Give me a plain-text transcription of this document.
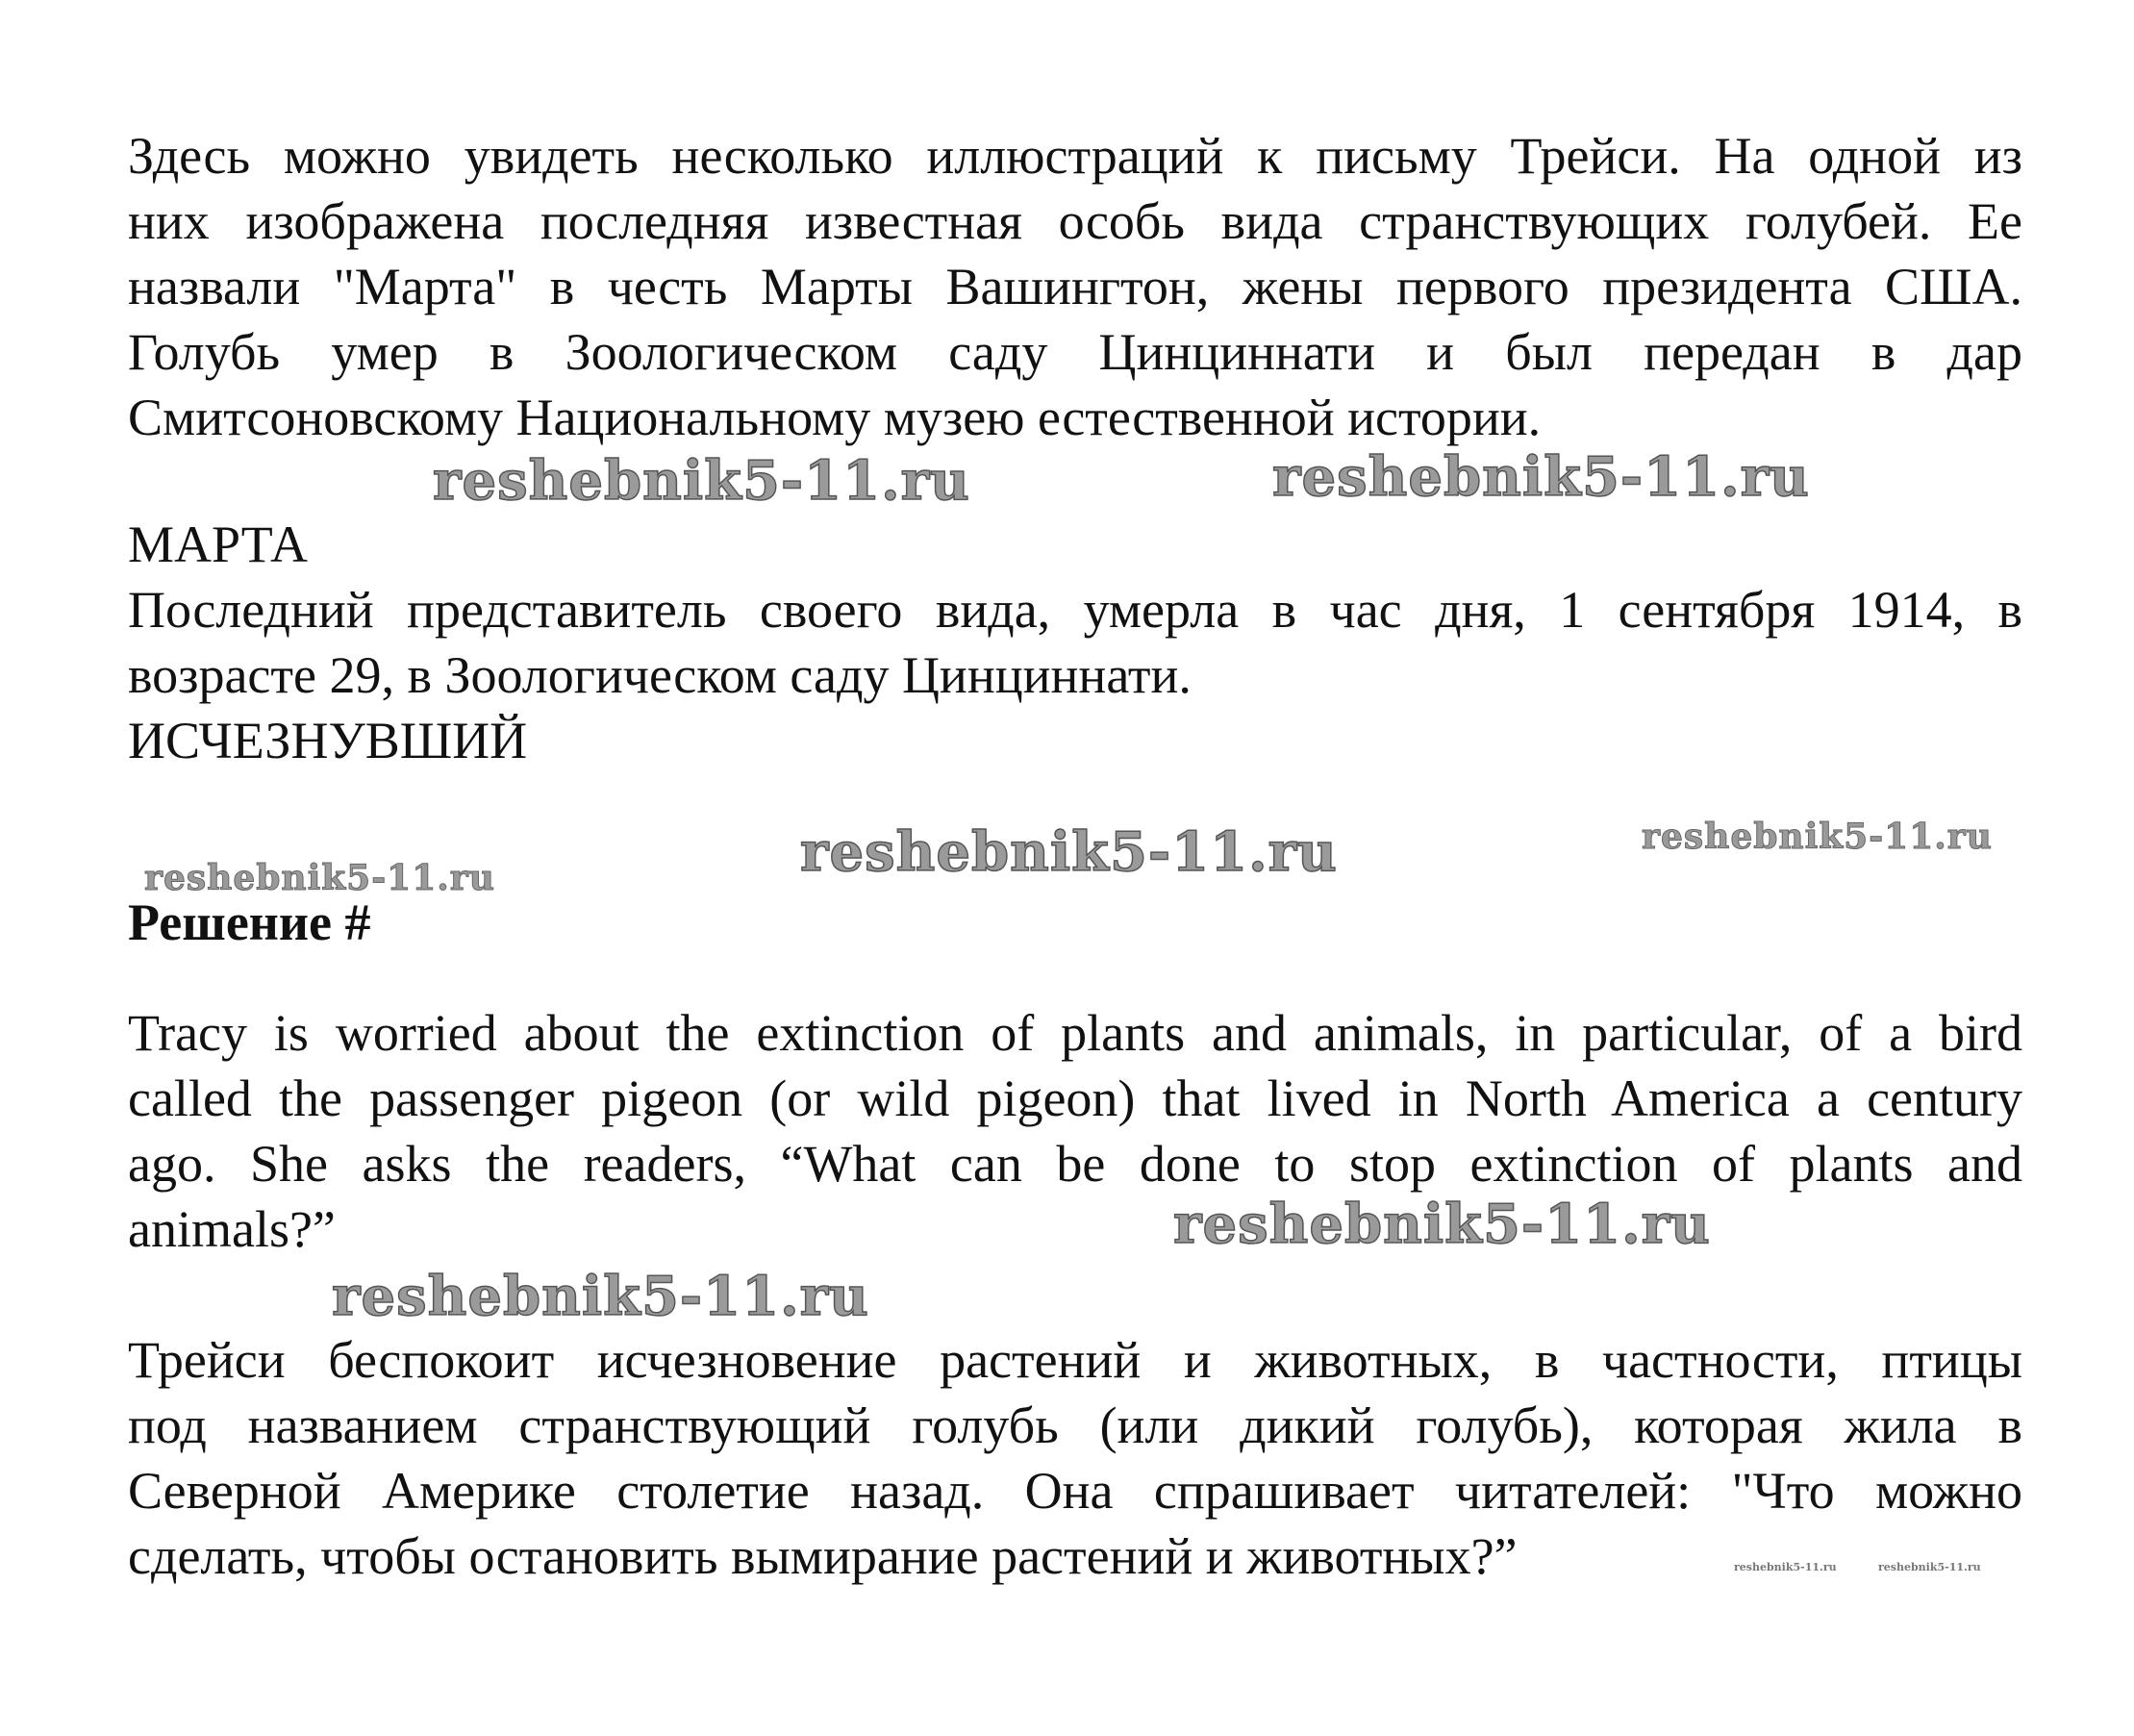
Здесь можно увидеть несколько иллюстраций к письму Трейси. На одной из
них изображена последняя известная особь вида странствующих голубей. Ее
назвали "Марта" в честь Марты Вашингтон, жены первого президента США.
Голубь умер в Зоологическом саду Цинциннати и был передан в дар
Смитсоновскому Национальному музею естественной истории.
МАРТА
Последний представитель своего вида, умерла в час дня, 1 сентября 1914, в
возрасте 29, в Зоологическом саду Цинциннати.
ИСЧЕЗНУВШИЙ
Решение #
Tracy is worried about the extinction of plants and animals, in particular, of a bird
called the passenger pigeon (or wild pigeon) that lived in North America a century
ago. She asks the readers, “What can be done to stop extinction of plants and
animals?”
Трейси беспокоит исчезновение растений и животных, в частности, птицы
под названием странствующий голубь (или дикий голубь), которая жила в
Северной Америке столетие назад. Она спрашивает читателей: "Что можно
сделать, чтобы остановить вымирание растений и животных?”
reshebnik5-11.ru	reshebnik5-11.ru
reshebnik5-11.ru	reshebnik5-11.ru
reshebnik5-11.ru
reshebnik5-11.ru
reshebnik5-11.ru
reshebnik5-11.ru	reshebnik5-11.ru
